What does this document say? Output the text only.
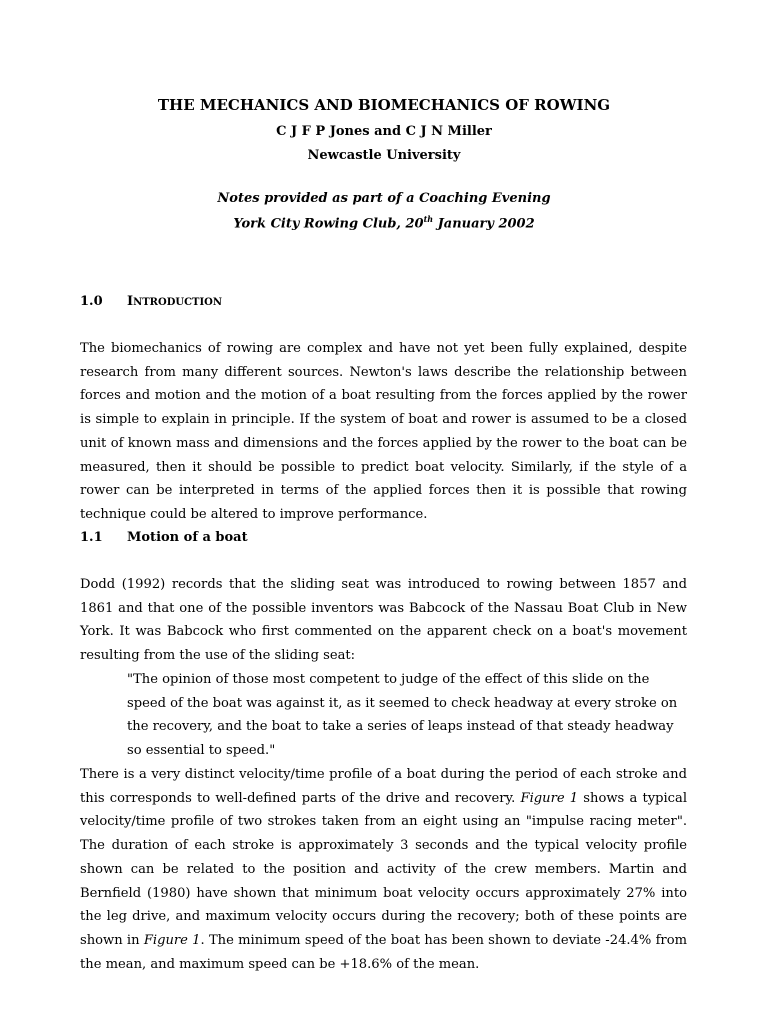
THE MECHANICS AND BIOMECHANICS OF ROWING
C J F P Jones and C J N Miller
Newcastle University
Notes provided as part of a Coaching Evening
York City Rowing Club, 20th January 2002
1.0 INTRODUCTION
The biomechanics of rowing are complex and have not yet been fully explained, despite research from many different sources. Newton's laws describe the relationship between forces and motion and the motion of a boat resulting from the forces applied by the rower is simple to explain in principle. If the system of boat and rower is assumed to be a closed unit of known mass and dimensions and the forces applied by the rower to the boat can be measured, then it should be possible to predict boat velocity. Similarly, if the style of a rower can be interpreted in terms of the applied forces then it is possible that rowing technique could be altered to improve performance.
1.1 Motion of a boat
Dodd (1992) records that the sliding seat was introduced to rowing between 1857 and 1861 and that one of the possible inventors was Babcock of the Nassau Boat Club in New York. It was Babcock who first commented on the apparent check on a boat's movement resulting from the use of the sliding seat:
"The opinion of those most competent to judge of the effect of this slide on the speed of the boat was against it, as it seemed to check headway at every stroke on the recovery, and the boat to take a series of leaps instead of that steady headway so essential to speed."
There is a very distinct velocity/time profile of a boat during the period of each stroke and this corresponds to well-defined parts of the drive and recovery. Figure 1 shows a typical velocity/time profile of two strokes taken from an eight using an "impulse racing meter". The duration of each stroke is approximately 3 seconds and the typical velocity profile shown can be related to the position and activity of the crew members. Martin and Bernfield (1980) have shown that minimum boat velocity occurs approximately 27% into the leg drive, and maximum velocity occurs during the recovery; both of these points are shown in Figure 1. The minimum speed of the boat has been shown to deviate -24.4% from the mean, and maximum speed can be +18.6% of the mean.
